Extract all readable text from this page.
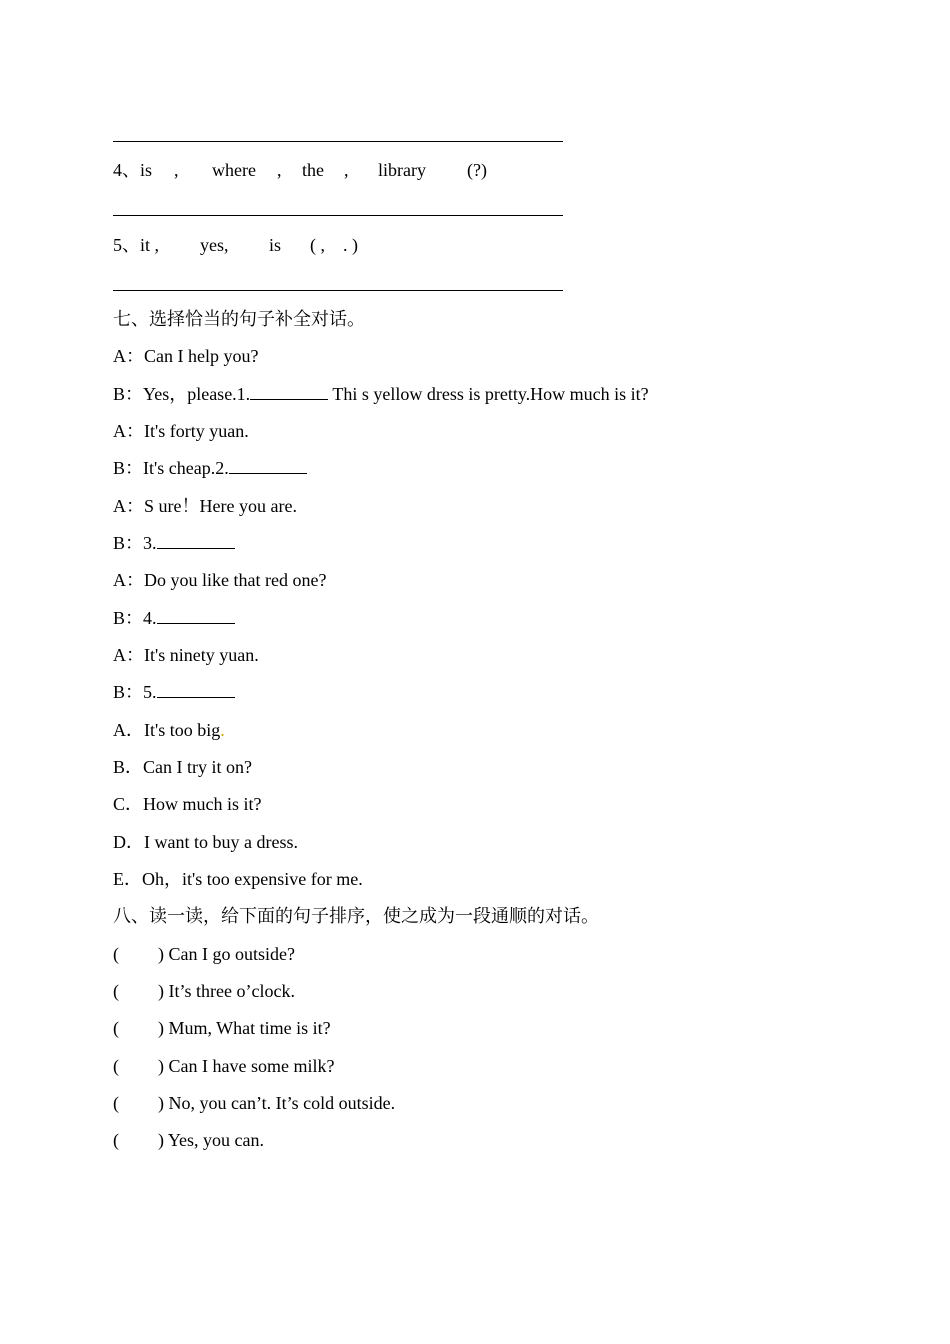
4、is , where , the , library (?)
5、it , yes, is ( ,    . )
七、选择恰当的句子补全对话。
A：Can I help you?
B：Yes，please.1.	Thi s yellow dress is pretty.How much is it?
A：It's forty yuan.
B：It's cheap.2.
A：S ure！Here you are.
B：3.
A：Do you like that red one?
B：4.
A：It's ninety yuan.
B：5.
A．It's too big.
B．Can I try it on?
C．How much is it?
D．I want to buy a dress.
E．Oh，it's too expensive for me.
八、读一读，给下面的句子排序，使之成为一段通顺的对话。
( ) Can I go outside?
( ) It’s three o’clock.
( ) Mum, What time is it?
( ) Can I have some milk?
( ) No, you can’t. It’s cold outside.
( ) Yes, you can.
